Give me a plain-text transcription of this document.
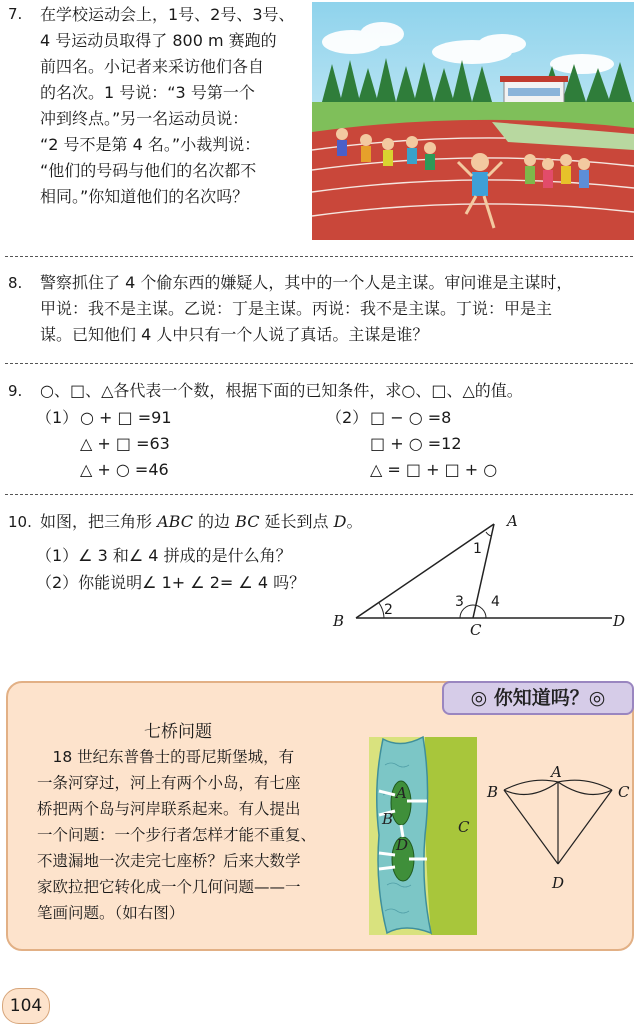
7. 在学校运动会上，1号、2号、3号、
4 号运动员取得了 800 m 赛跑的
前四名。小记者来采访他们各自
的名次。1 号说：“3 号第一个
冲到终点。”另一名运动员说：
“2 号不是第 4 名。”小裁判说：
“他们的号码与他们的名次都不
相同。”你知道他们的名次吗？
8. 警察抓住了 4 个偷东西的嫌疑人，其中的一个人是主谋。审问谁是主谋时，
甲说：我不是主谋。乙说：丁是主谋。丙说：我不是主谋。丁说：甲是主
谋。已知他们 4 人中只有一个人说了真话。主谋是谁？
9. ○、□、△各代表一个数，根据下面的已知条件，求○、□、△的值。
（1） ○ + □ =91
△ + □ =63
△ + ○ =46
（2） □ − ○ =8
□ + ○ =12
△ = □ + □ + ○
10. 如图，把三角形 ABC 的边 BC 延长到点 D。
（1）∠ 3 和∠ 4 拼成的是什么角？
（2）你能说明∠ 1+ ∠ 2= ∠ 4 吗？
A
B	C	D
1
2	3 4
◎ 你知道吗？◎
七桥问题
　18 世纪东普鲁士的哥尼斯堡城，有
一条河穿过，河上有两个小岛，有七座
桥把两个岛与河岸联系起来。有人提出
一个问题：一个步行者怎样才能不重复、
不遗漏地一次走完七座桥？后来大数学
家欧拉把它转化成一个几何问题——一
笔画问题。（如右图）
A
B	C
D
A
B	C
D
104
